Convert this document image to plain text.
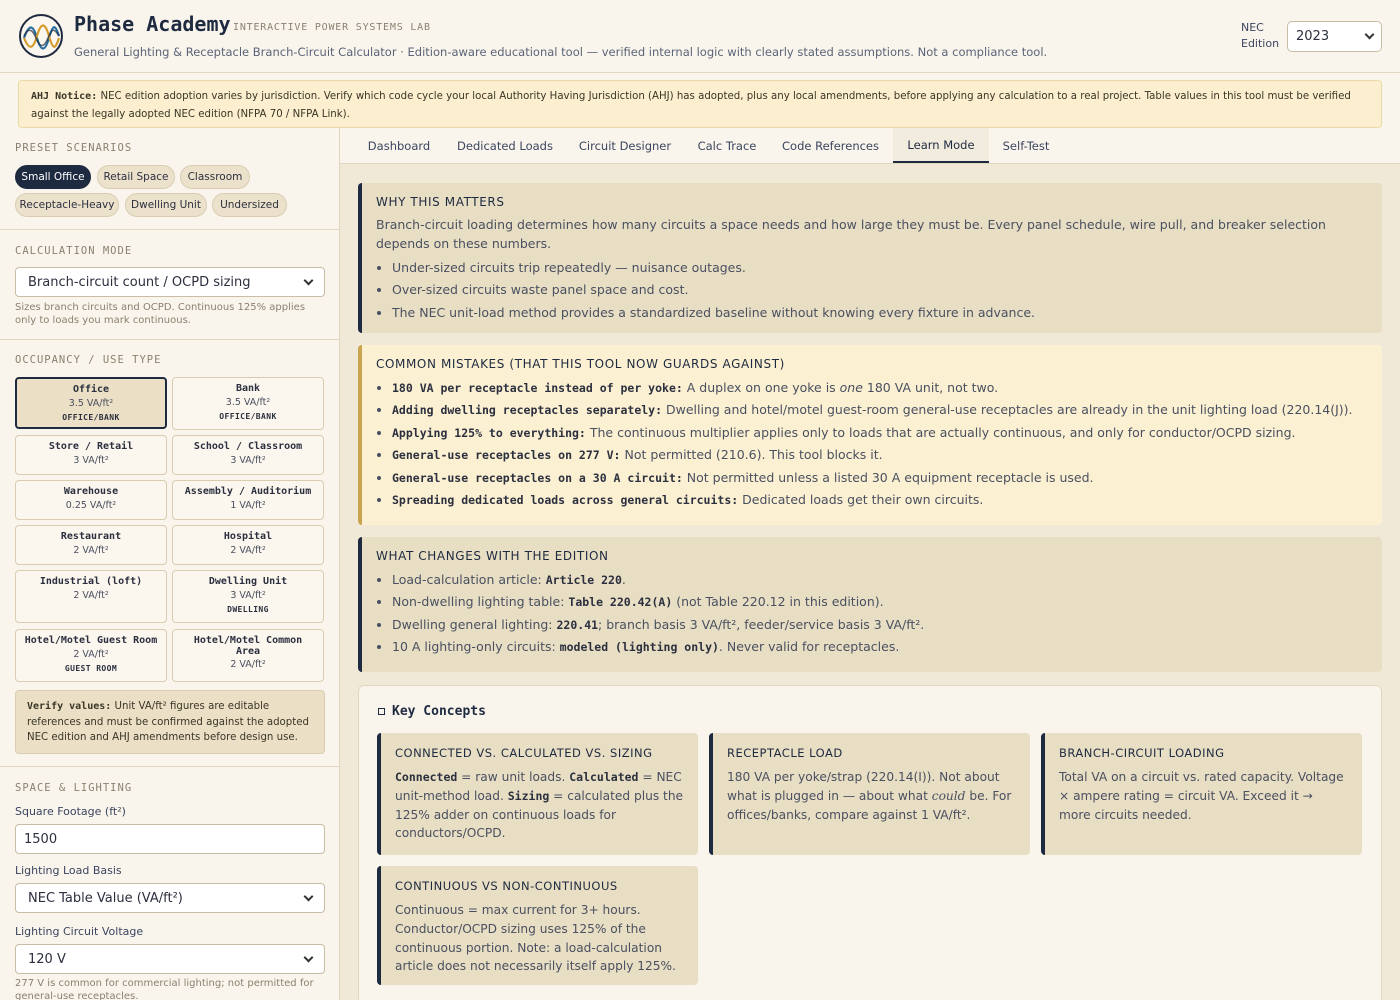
Phase Academy INTERACTIVE POWER SYSTEMS LAB
General Lighting & Receptacle Branch-Circuit Calculator · Edition-aware educational tool — verified internal logic with clearly stated assumptions. Not a compliance tool.
NEC
Edition 2023
AHJ Notice: NEC edition adoption varies by jurisdiction. Verify which code cycle your local Authority Having Jurisdiction (AHJ) has adopted, plus any local amendments, before applying any calculation to a real project. Table values in this tool must be verified against the legally adopted NEC edition (NFPA 70 / NFPA Link).
PRESET SCENARIOS
Small Office	Retail Space	Classroom
Receptacle-Heavy	Dwelling Unit	Undersized
CALCULATION MODE
Branch-circuit count / OCPD sizing
Sizes branch circuits and OCPD. Continuous 125% applies only to loads you mark continuous.
OCCUPANCY / USE TYPE
Office
3.5 VA/ft²
OFFICE/BANK
Bank
3.5 VA/ft²
OFFICE/BANK
Store / Retail
3 VA/ft²
School / Classroom
3 VA/ft²
Warehouse
0.25 VA/ft²
Assembly / Auditorium
1 VA/ft²
Restaurant
2 VA/ft²
Hospital
2 VA/ft²
Industrial (loft)
2 VA/ft²
Dwelling Unit
3 VA/ft²
DWELLING
Hotel/Motel Guest Room
2 VA/ft²
GUEST ROOM
Hotel/Motel Common Area
2 VA/ft²
Verify values: Unit VA/ft² figures are editable references and must be confirmed against the adopted NEC edition and AHJ amendments before design use.
SPACE & LIGHTING
Square Footage (ft²)
1500
Lighting Load Basis
NEC Table Value (VA/ft²)
Lighting Circuit Voltage
120 V
277 V is common for commercial lighting; not permitted for general-use receptacles.
Dashboard	Dedicated Loads	Circuit Designer	Calc Trace	Code References	Learn Mode	Self-Test
WHY THIS MATTERS

Branch-circuit loading determines how many circuits a space needs and how large they must be. Every panel schedule, wire pull, and breaker selection depends on these numbers.

• Under-sized circuits trip repeatedly — nuisance outages.
• Over-sized circuits waste panel space and cost.
• The NEC unit-load method provides a standardized baseline without knowing every fixture in advance.
COMMON MISTAKES (THAT THIS TOOL NOW GUARDS AGAINST)
• 180 VA per receptacle instead of per yoke: A duplex on one yoke is one 180 VA unit, not two.
• Adding dwelling receptacles separately: Dwelling and hotel/motel guest-room general-use receptacles are already in the unit lighting load (220.14(J)).
• Applying 125% to everything: The continuous multiplier applies only to loads that are actually continuous, and only for conductor/OCPD sizing.
• General-use receptacles on 277 V: Not permitted (210.6). This tool blocks it.
• General-use receptacles on a 30 A circuit: Not permitted unless a listed 30 A equipment receptacle is used.
• Spreading dedicated loads across general circuits: Dedicated loads get their own circuits.
WHAT CHANGES WITH THE EDITION
• Load-calculation article: Article 220.
• Non-dwelling lighting table: Table 220.42(A) (not Table 220.12 in this edition).
• Dwelling general lighting: 220.41; branch basis 3 VA/ft², feeder/service basis 3 VA/ft².
• 10 A lighting-only circuits: modeled (lighting only). Never valid for receptacles.
Key Concepts
CONNECTED VS. CALCULATED VS. SIZING

Connected = raw unit loads. Calculated = NEC unit-method load. Sizing = calculated plus the 125% adder on continuous loads for conductors/OCPD.

RECEPTACLE LOAD

180 VA per yoke/strap (220.14(I)). Not about what is plugged in — about what could be. For offices/banks, compare against 1 VA/ft².

BRANCH-CIRCUIT LOADING

Total VA on a circuit vs. rated capacity. Voltage × ampere rating = circuit VA. Exceed it → more circuits needed.

CONTINUOUS VS NON-CONTINUOUS

Continuous = max current for 3+ hours. Conductor/OCPD sizing uses 125% of the continuous portion. Note: a load-calculation article does not necessarily itself apply 125%.
